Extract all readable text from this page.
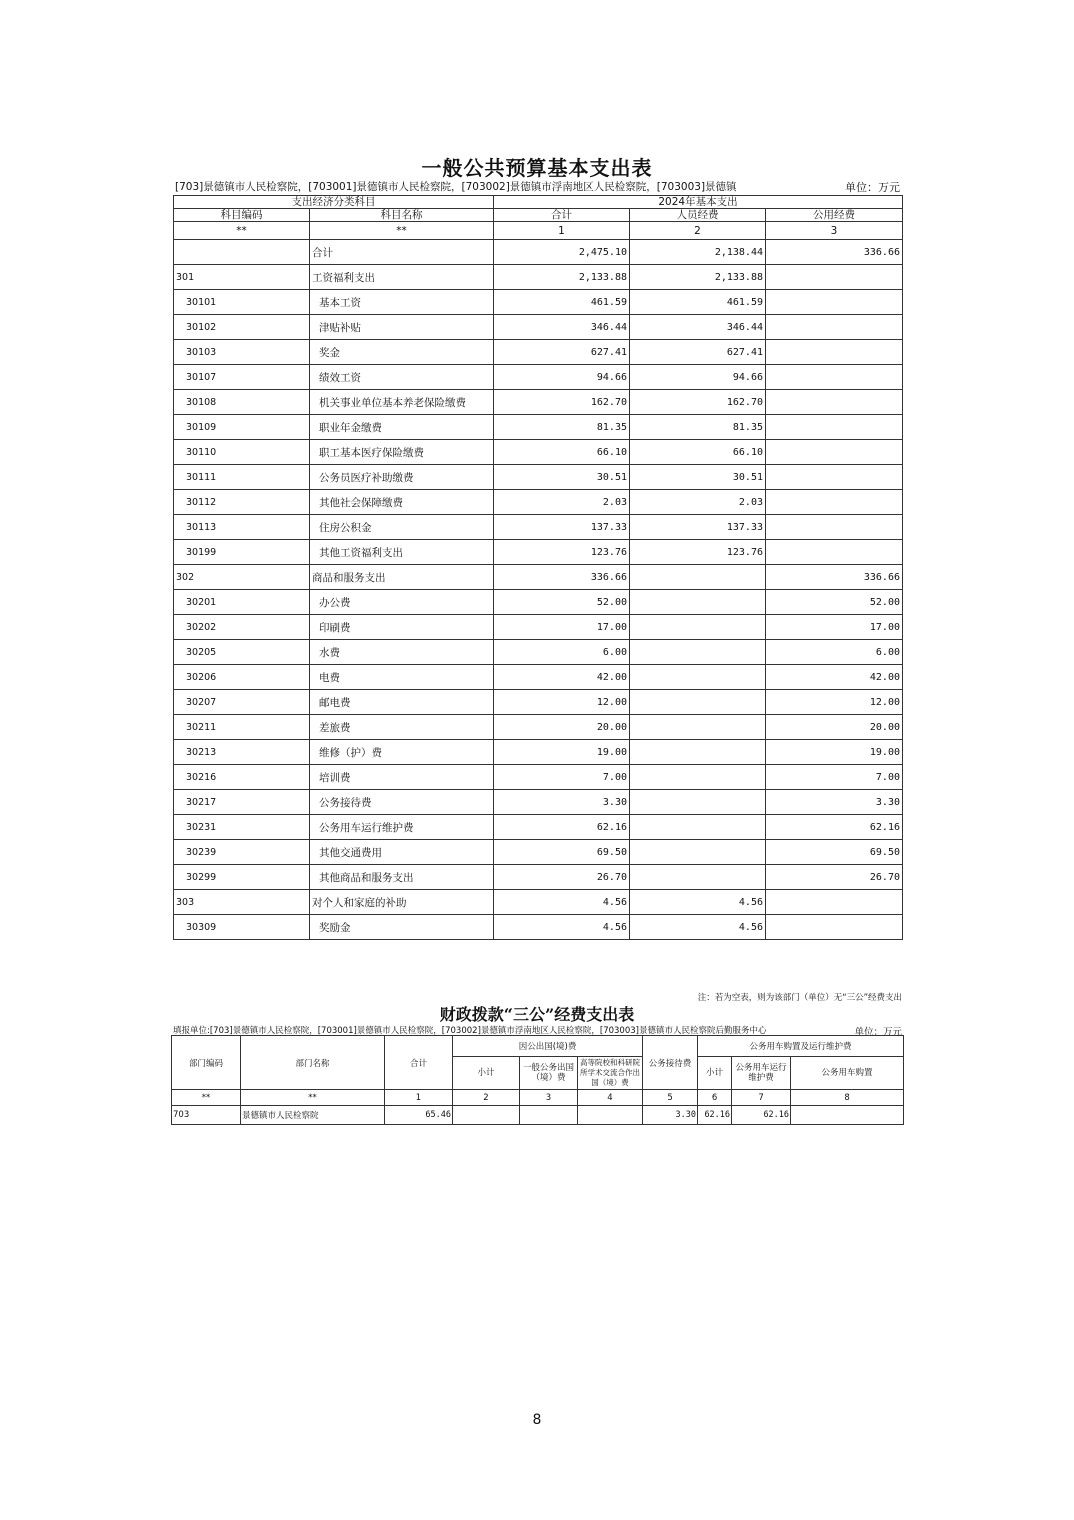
一般公共预算基本支出表
[703]景德镇市人民检察院，[703001]景德镇市人民检察院，[703002]景德镇市浮南地区人民检察院，[703003]景德镇	单位：万元
支出经济分类科目		2024年基本支出		
科目编码	科目名称	合计	人员经费	公用经费
**	**	1	2	3
	合计	2,475.10	2,138.44	336.66
301	工资福利支出	2,133.88	2,133.88	
30101	基本工资	461.59	461.59	
30102	津贴补贴	346.44	346.44	
30103	奖金	627.41	627.41	
30107	绩效工资	94.66	94.66	
30108	机关事业单位基本养老保险缴费	162.70	162.70	
30109	职业年金缴费	81.35	81.35	
30110	职工基本医疗保险缴费	66.10	66.10	
30111	公务员医疗补助缴费	30.51	30.51	
30112	其他社会保障缴费	2.03	2.03	
30113	住房公积金	137.33	137.33	
30199	其他工资福利支出	123.76	123.76	
302	商品和服务支出	336.66		336.66
30201	办公费	52.00		52.00
30202	印刷费	17.00		17.00
30205	水费	6.00		6.00
30206	电费	42.00		42.00
30207	邮电费	12.00		12.00
30211	差旅费	20.00		20.00
30213	维修（护）费	19.00		19.00
30216	培训费	7.00		7.00
30217	公务接待费	3.30		3.30
30231	公务用车运行维护费	62.16		62.16
30239	其他交通费用	69.50		69.50
30299	其他商品和服务支出	26.70		26.70
303	对个人和家庭的补助	4.56	4.56	
30309	奖励金	4.56	4.56	
注：若为空表，则为该部门（单位）无“三公”经费支出
财政拨款“三公”经费支出表
填报单位:[703]景德镇市人民检察院，[703001]景德镇市人民检察院，[703002]景德镇市浮南地区人民检察院，[703003]景德镇市人民检察院后勤服务中心	单位：万元
部门编码	部门名称	合计	因公出国(境)费			公务接待费	公务用车购置及运行维护费		
			小计	一般公务出国（境）费	高等院校和科研院所学术交流合作出国（境）费		小计	公务用车运行维护费	公务用车购置
**	**	1	2	3	4	5	6	7	8
703	景德镇市人民检察院	65.46				3.30	62.16	62.16	
8
